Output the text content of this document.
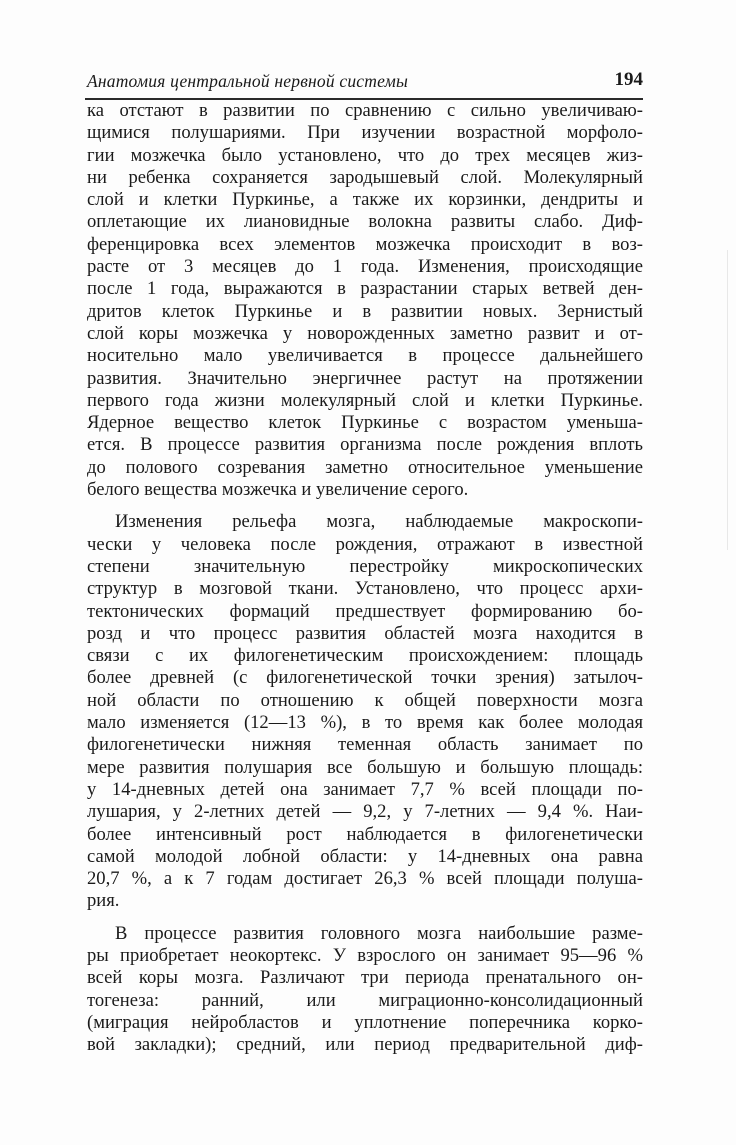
Анатомия центральной нервной системы	194
ка отстают в развитии по сравнению с сильно увеличиваю-
щимися полушариями. При изучении возрастной морфоло-
гии мозжечка было установлено, что до трех месяцев жиз-
ни ребенка сохраняется зародышевый слой. Молекулярный
слой и клетки Пуркинье, а также их корзинки, дендриты и
оплетающие их лиановидные волокна развиты слабо. Диф-
ференцировка всех элементов мозжечка происходит в воз-
расте от 3 месяцев до 1 года. Изменения, происходящие
после 1 года, выражаются в разрастании старых ветвей ден-
дритов клеток Пуркинье и в развитии новых. Зернистый
слой коры мозжечка у новорожденных заметно развит и от-
носительно мало увеличивается в процессе дальнейшего
развития. Значительно энергичнее растут на протяжении
первого года жизни молекулярный слой и клетки Пуркинье.
Ядерное вещество клеток Пуркинье с возрастом уменьша-
ется. В процессе развития организма после рождения вплоть
до полового созревания заметно относительное уменьшение
белого вещества мозжечка и увеличение серого.
Изменения рельефа мозга, наблюдаемые макроскопи-
чески у человека после рождения, отражают в известной
степени значительную перестройку микроскопических
структур в мозговой ткани. Установлено, что процесс архи-
тектонических формаций предшествует формированию бо-
розд и что процесс развития областей мозга находится в
связи с их филогенетическим происхождением: площадь
более древней (с филогенетической точки зрения) затылоч-
ной области по отношению к общей поверхности мозга
мало изменяется (12—13 %), в то время как более молодая
филогенетически нижняя теменная область занимает по
мере развития полушария все большую и большую площадь:
у 14-дневных детей она занимает 7,7 % всей площади по-
лушария, у 2-летних детей — 9,2, у 7-летних — 9,4 %. Наи-
более интенсивный рост наблюдается в филогенетически
самой молодой лобной области: у 14-дневных она равна
20,7 %, а к 7 годам достигает 26,3 % всей площади полуша-
рия.
В процессе развития головного мозга наибольшие разме-
ры приобретает неокортекс. У взрослого он занимает 95—96 %
всей коры мозга. Различают три периода пренатального он-
тогенеза: ранний, или миграционно-консолидационный
(миграция нейробластов и уплотнение поперечника корко-
вой закладки); средний, или период предварительной диф-
